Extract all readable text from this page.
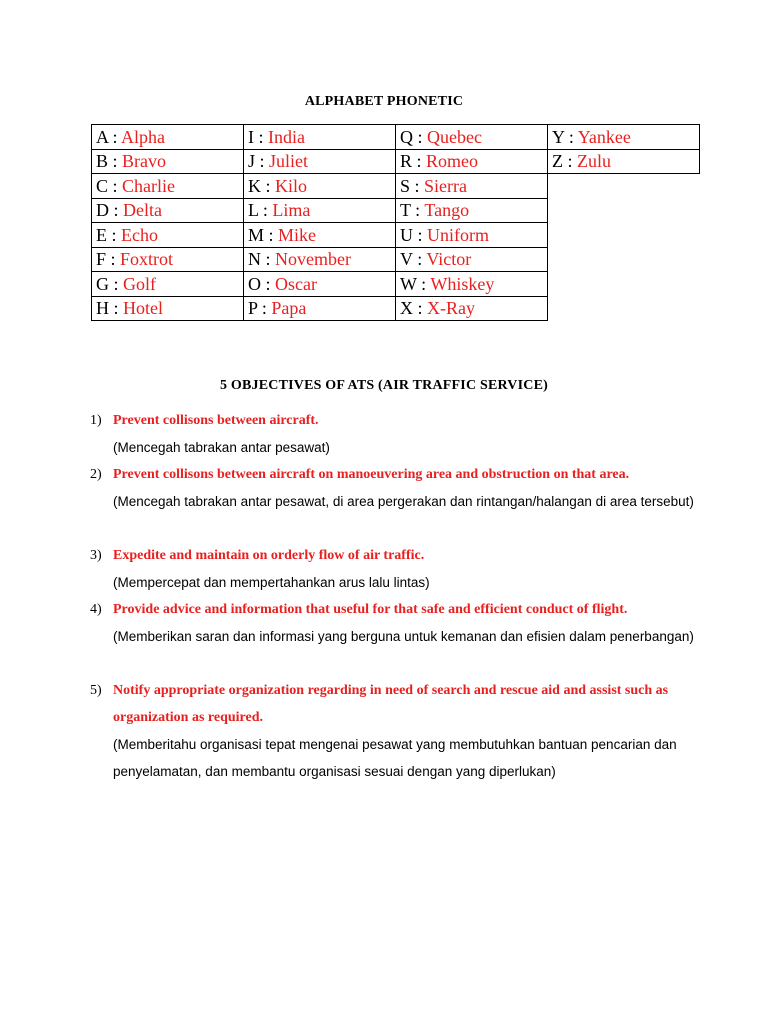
ALPHABET PHONETIC
A : Alpha	I : India	Q : Quebec	Y : Yankee
B : Bravo	J : Juliet	R : Romeo	Z : Zulu
C : Charlie	K : Kilo	S : Sierra	
D : Delta	L : Lima	T : Tango	
E : Echo	M : Mike	U : Uniform	
F : Foxtrot	N : November	V : Victor	
G : Golf	O : Oscar	W : Whiskey	
H : Hotel	P : Papa	X : X-Ray	
5 OBJECTIVES OF ATS (AIR TRAFFIC SERVICE)
1) Prevent collisons between aircraft.
(Mencegah tabrakan antar pesawat)
2) Prevent collisons between aircraft on manoeuvering area and obstruction on that area.
(Mencegah tabrakan antar pesawat, di area pergerakan dan rintangan/halangan di area tersebut)
3) Expedite and maintain on orderly flow of air traffic.
(Mempercepat dan mempertahankan arus lalu lintas)
4) Provide advice and information that useful for that safe and efficient conduct of flight.
(Memberikan saran dan informasi yang berguna untuk kemanan dan efisien dalam penerbangan)
5) Notify appropriate organization regarding in need of search and rescue aid and assist such as organization as required.
(Memberitahu organisasi tepat mengenai pesawat yang membutuhkan bantuan pencarian dan penyelamatan, dan membantu organisasi sesuai dengan yang diperlukan)
